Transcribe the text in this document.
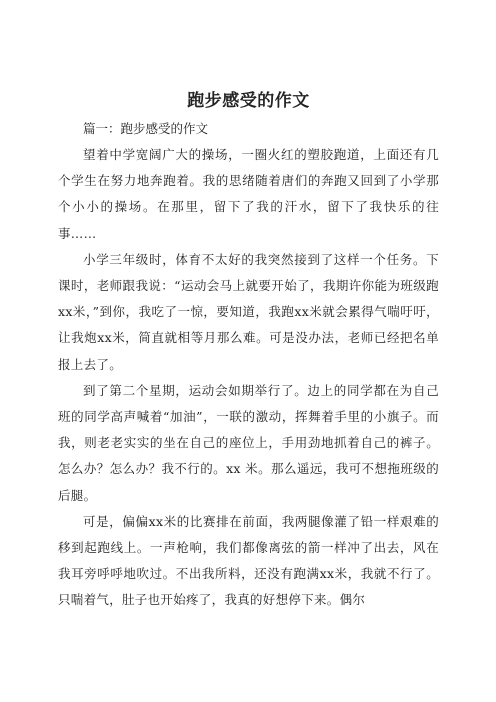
跑步感受的作文

篇一：跑步感受的作文

望着中学宽阔广大的操场，一圈火红的塑胶跑道，上面还有几个学生在努力地奔跑着。我的思绪随着唐们的奔跑又回到了小学那个小小的操场。在那里，留下了我的汗水，留下了我快乐的往事……

小学三年级时，体育不太好的我突然接到了这样一个任务。下课时，老师跟我说：“运动会马上就要开始了，我期许你能为班级跑xx米，”到你，我吃了一惊，要知道，我跑xx米就会累得气喘吁吁，让我炮xx米，简直就相等月那么难。可是没办法，老师已经把名单报上去了。

到了第二个星期，运动会如期举行了。边上的同学都在为自己班的同学高声喊着“加油”，一联的激动，挥舞着手里的小旗子。而我，则老老实实的坐在自己的座位上，手用劲地抓着自己的裤子。怎么办？怎么办？我不行的。xx 米。那么遥远，我可不想拖班级的后腿。

可是，偏偏xx米的比赛排在前面，我两腿像灌了铅一样艰难的移到起跑线上。一声枪响，我们都像离弦的箭一样冲了出去，风在我耳旁呼呼地吹过。不出我所料，还没有跑满xx米，我就不行了。只喘着气，肚子也开始疼了，我真的好想停下来。偶尔
